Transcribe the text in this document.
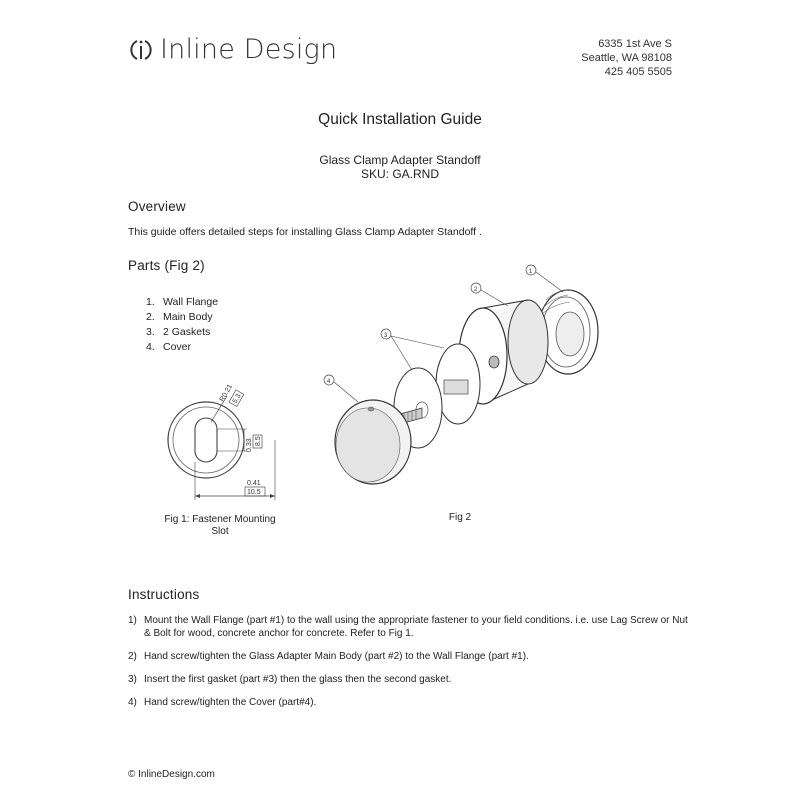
Inline Design	6335 1st Ave S
Seattle, WA 98108
425 405 5505
Quick Installation Guide
Glass Clamp Adapter Standoff
SKU: GA.RND
Overview
This guide offers detailed steps for installing Glass Clamp Adapter Standoff .
Parts (Fig 2)
1. Wall Flange
2. Main Body
3. 2 Gaskets
4. Cover
R0.21
5.3
0.33 8.5
0.41
10.5
Fig 1: Fastener Mounting
Slot
1
2
3
4
Fig 2
Instructions
1) Mount the Wall Flange (part #1) to the wall using the appropriate fastener to your field conditions. i.e. use Lag Screw or Nut & Bolt for wood, concrete anchor for concrete. Refer to Fig 1.
2) Hand screw/tighten the Glass Adapter Main Body (part #2) to the Wall Flange (part #1).
3) Insert the first gasket (part #3) then the glass then the second gasket.
4) Hand screw/tighten the Cover (part#4).
© InlineDesign.com
